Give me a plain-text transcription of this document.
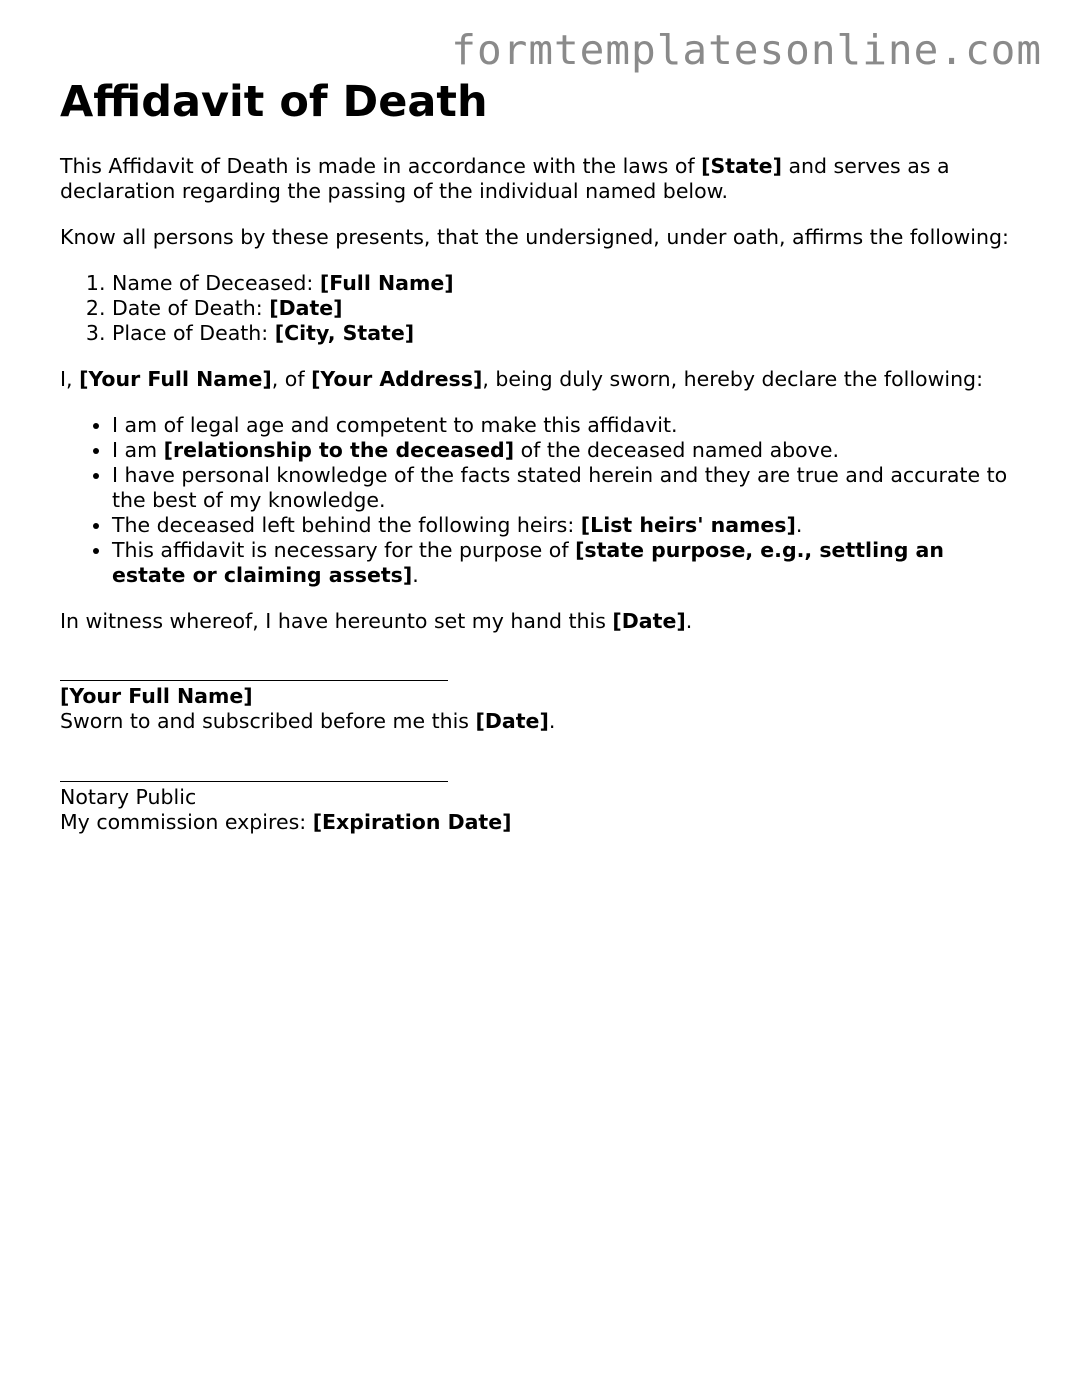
formtemplatesonline.com
Affidavit of Death

This Affidavit of Death is made in accordance with the laws of [State] and serves as a declaration regarding the passing of the individual named below.

Know all persons by these presents, that the undersigned, under oath, affirms the following:

1. Name of Deceased: [Full Name]
2. Date of Death: [Date]
3. Place of Death: [City, State]

I, [Your Full Name], of [Your Address], being duly sworn, hereby declare the following:

• I am of legal age and competent to make this affidavit.
• I am [relationship to the deceased] of the deceased named above.
• I have personal knowledge of the facts stated herein and they are true and accurate to the best of my knowledge.
• The deceased left behind the following heirs: [List heirs' names].
• This affidavit is necessary for the purpose of [state purpose, e.g., settling an estate or claiming assets].

In witness whereof, I have hereunto set my hand this [Date].

[Your Full Name]
Sworn to and subscribed before me this [Date].
Notary Public
My commission expires: [Expiration Date]
